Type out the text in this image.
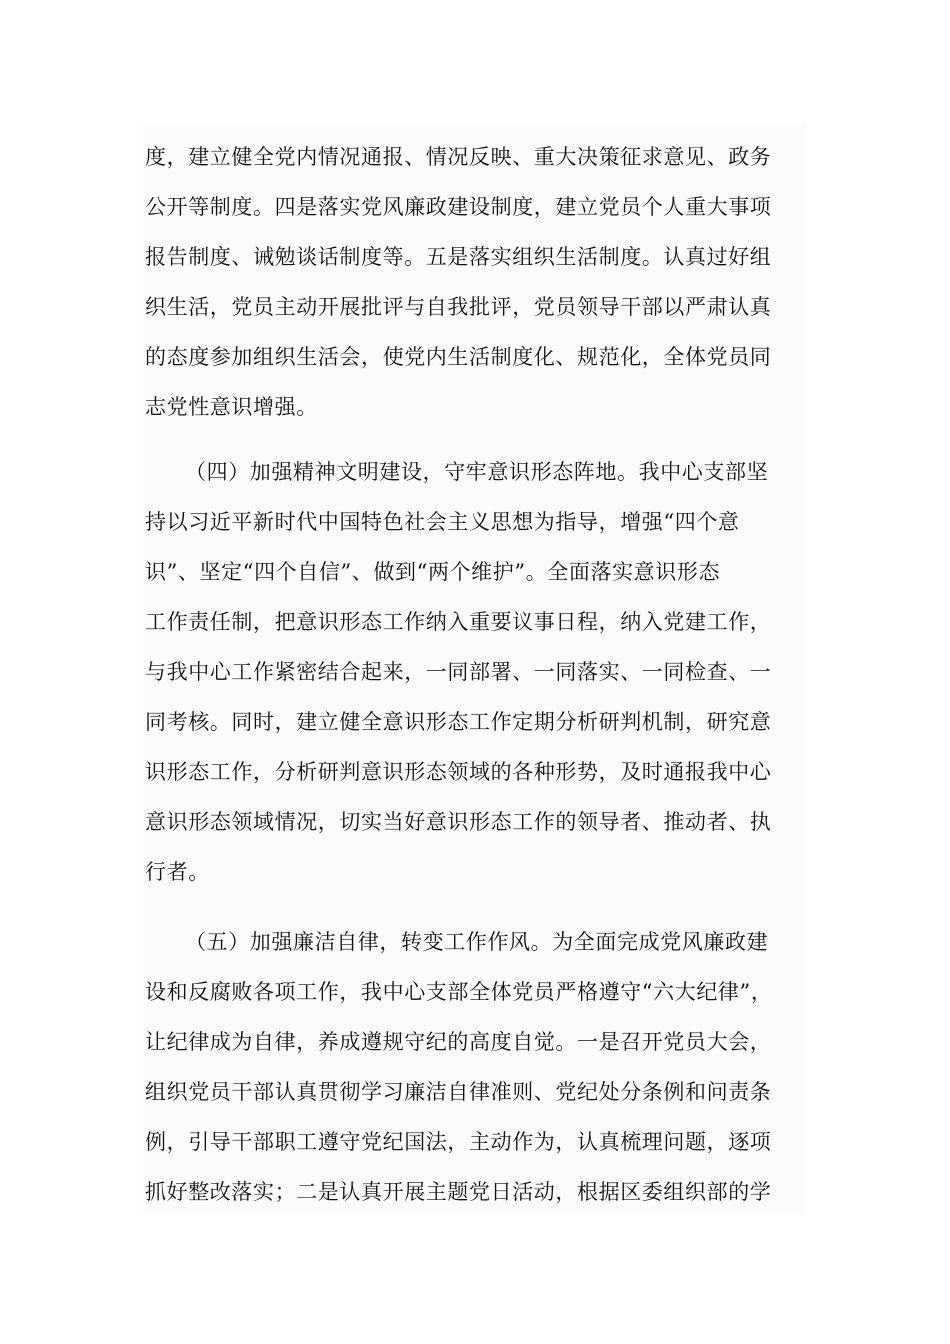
度，建立健全党内情况通报、情况反映、重大决策征求意见、政务
公开等制度。四是落实党风廉政建设制度，建立党员个人重大事项
报告制度、诫勉谈话制度等。五是落实组织生活制度。认真过好组
织生活，党员主动开展批评与自我批评，党员领导干部以严肃认真
的态度参加组织生活会，使党内生活制度化、规范化，全体党员同
志党性意识增强。
（四）加强精神文明建设，守牢意识形态阵地。我中心支部坚
持以习近平新时代中国特色社会主义思想为指导，增强“四个意
识”、坚定“四个自信”、做到“两个维护”。全面落实意识形态
工作责任制，把意识形态工作纳入重要议事日程，纳入党建工作，
与我中心工作紧密结合起来，一同部署、一同落实、一同检查、一
同考核。同时，建立健全意识形态工作定期分析研判机制，研究意
识形态工作，分析研判意识形态领域的各种形势，及时通报我中心
意识形态领域情况，切实当好意识形态工作的领导者、推动者、执
行者。
（五）加强廉洁自律，转变工作作风。为全面完成党风廉政建
设和反腐败各项工作，我中心支部全体党员严格遵守“六大纪律”，
让纪律成为自律，养成遵规守纪的高度自觉。一是召开党员大会，
组织党员干部认真贯彻学习廉洁自律准则、党纪处分条例和问责条
例，引导干部职工遵守党纪国法，主动作为，认真梳理问题，逐项
抓好整改落实；二是认真开展主题党日活动，根据区委组织部的学
